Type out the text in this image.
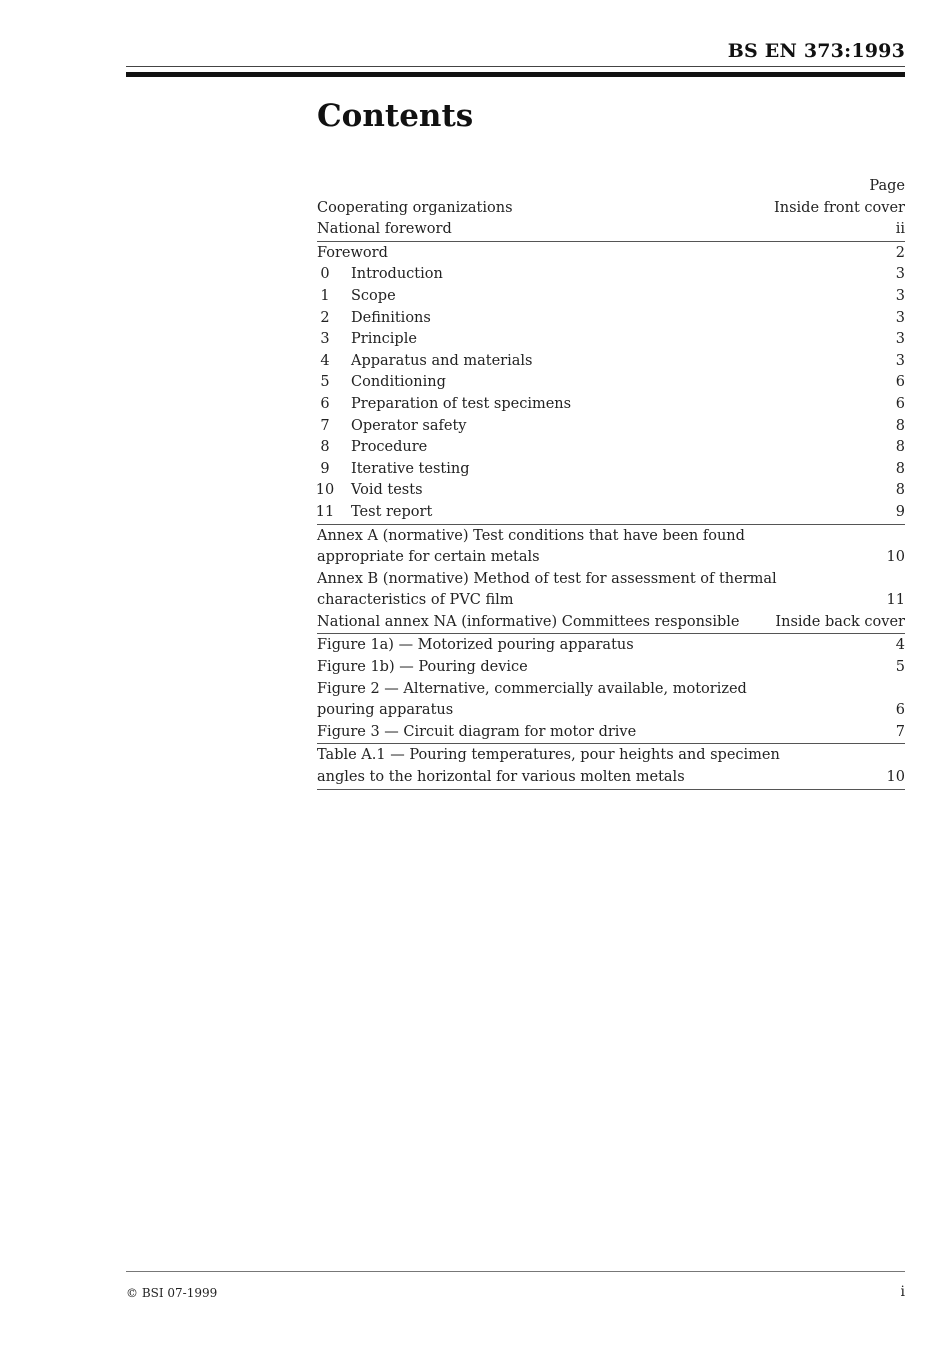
BS EN 373:1993
Contents
Page
Cooperating organizations	Inside front cover
National foreword	ii
Foreword	2
0 Introduction	3
1 Scope	3
2 Definitions	3
3 Principle	3
4 Apparatus and materials	3
5 Conditioning	6
6 Preparation of test specimens	6
7 Operator safety	8
8 Procedure	8
9 Iterative testing	8
10 Void tests	8
11 Test report	9
Annex A (normative) Test conditions that have been found appropriate for certain metals	10
Annex B (normative) Method of test for assessment of thermal characteristics of PVC film	11
National annex NA (informative) Committees responsible	Inside back cover
Figure 1a) — Motorized pouring apparatus	4
Figure 1b) — Pouring device	5
Figure 2 — Alternative, commercially available, motorized pouring apparatus	6
Figure 3 — Circuit diagram for motor drive	7
Table A.1 — Pouring temperatures, pour heights and specimen angles to the horizontal for various molten metals	10
© BSI 07-1999	i
